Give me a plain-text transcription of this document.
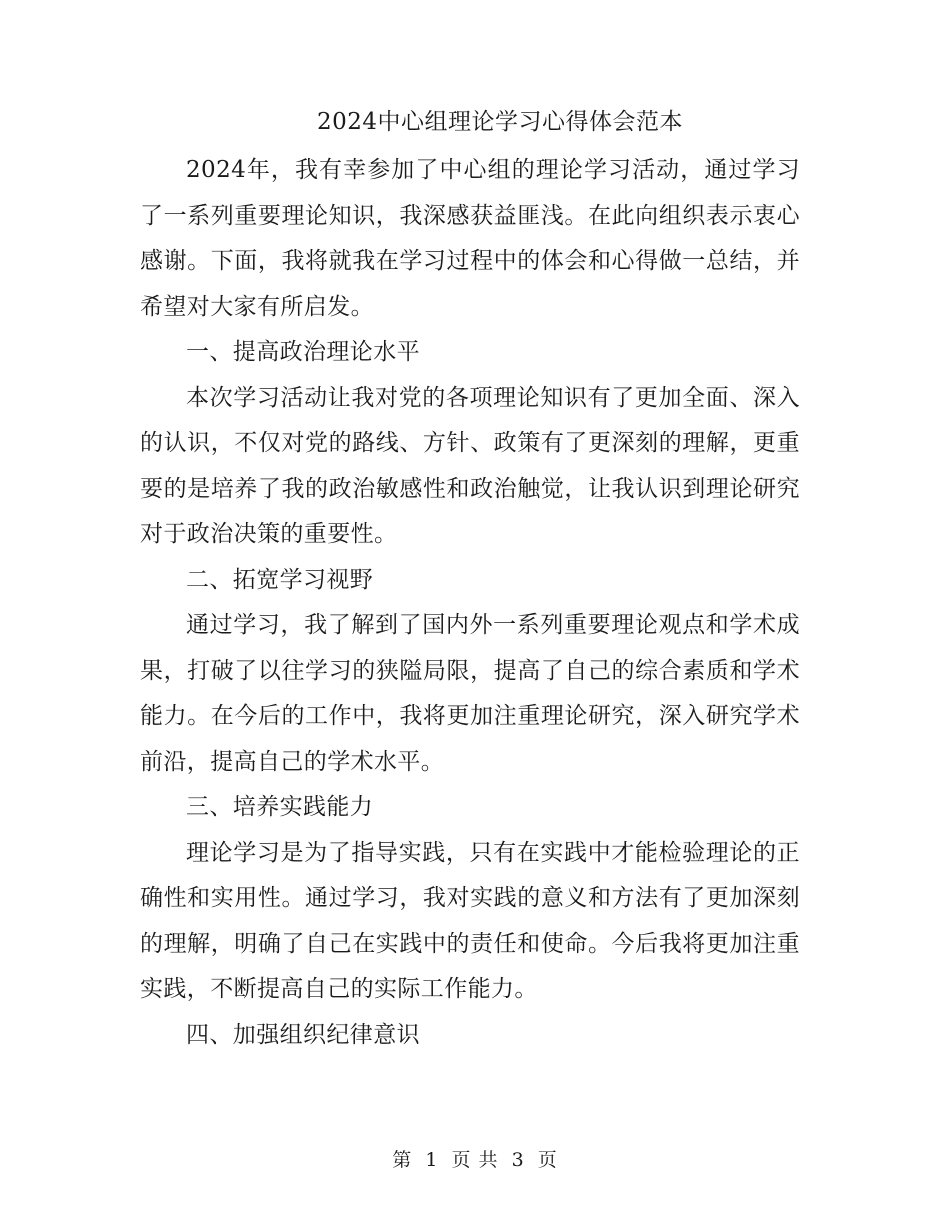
2024中心组理论学习心得体会范本

2024年，我有幸参加了中心组的理论学习活动，通过学习了一系列重要理论知识，我深感获益匪浅。在此向组织表示衷心感谢。下面，我将就我在学习过程中的体会和心得做一总结，并希望对大家有所启发。

一、提高政治理论水平

本次学习活动让我对党的各项理论知识有了更加全面、深入的认识，不仅对党的路线、方针、政策有了更深刻的理解，更重要的是培养了我的政治敏感性和政治触觉，让我认识到理论研究对于政治决策的重要性。

二、拓宽学习视野

通过学习，我了解到了国内外一系列重要理论观点和学术成果，打破了以往学习的狭隘局限，提高了自己的综合素质和学术能力。在今后的工作中，我将更加注重理论研究，深入研究学术前沿，提高自己的学术水平。

三、培养实践能力

理论学习是为了指导实践，只有在实践中才能检验理论的正确性和实用性。通过学习，我对实践的意义和方法有了更加深刻的理解，明确了自己在实践中的责任和使命。今后我将更加注重实践，不断提高自己的实际工作能力。

四、加强组织纪律意识

第 1 页 共 3 页
